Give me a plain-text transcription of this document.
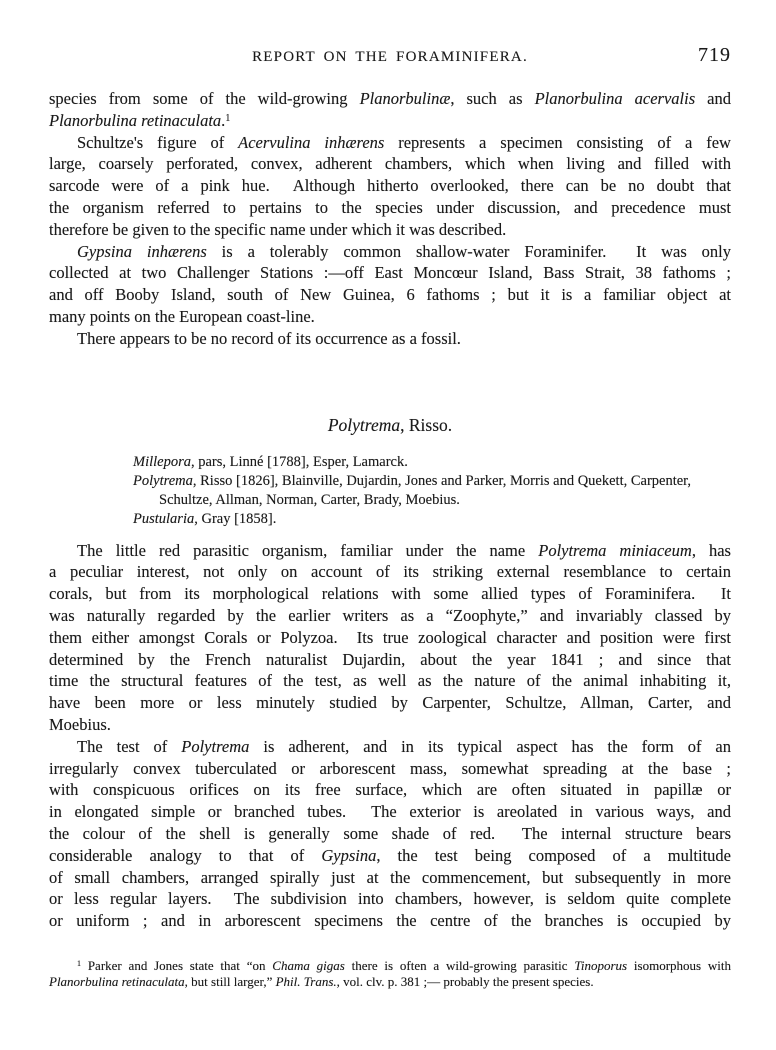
REPORT ON THE FORAMINIFERA.	719
species from some of the wild-growing Planorbulinæ, such as Planorbulina acervalis and
Planorbulina retinaculata.$^1$
Schultze's figure of Acervulina inhærens represents a specimen consisting of a few
large, coarsely perforated, convex, adherent chambers, which when living and filled with
sarcode were of a pink hue.  Although hitherto overlooked, there can be no doubt that
the organism referred to pertains to the species under discussion, and precedence must
therefore be given to the specific name under which it was described.
Gypsina inhærens is a tolerably common shallow-water Foraminifer.  It was only
collected at two Challenger Stations :—off East Moncœur Island, Bass Strait, 38 fathoms ;
and off Booby Island, south of New Guinea, 6 fathoms ; but it is a familiar object at
many points on the European coast-line.
There appears to be no record of its occurrence as a fossil.
Polytrema, Risso.
Millepora, pars, Linné [1788], Esper, Lamarck.
Polytrema, Risso [1826], Blainville, Dujardin, Jones and Parker, Morris and Quekett, Carpenter,
Schultze, Allman, Norman, Carter, Brady, Moebius.
Pustularia, Gray [1858].
The little red parasitic organism, familiar under the name Polytrema miniaceum, has
a peculiar interest, not only on account of its striking external resemblance to certain
corals, but from its morphological relations with some allied types of Foraminifera.  It
was naturally regarded by the earlier writers as a “Zoophyte,” and invariably classed by
them either amongst Corals or Polyzoa.  Its true zoological character and position were first
determined by the French naturalist Dujardin, about the year 1841 ; and since that
time the structural features of the test, as well as the nature of the animal inhabiting it,
have been more or less minutely studied by Carpenter, Schultze, Allman, Carter, and
Moebius.
The test of Polytrema is adherent, and in its typical aspect has the form of an
irregularly convex tuberculated or arborescent mass, somewhat spreading at the base ;
with conspicuous orifices on its free surface, which are often situated in papillæ or
in elongated simple or branched tubes.  The exterior is areolated in various ways, and
the colour of the shell is generally some shade of red.  The internal structure bears
considerable analogy to that of Gypsina, the test being composed of a multitude
of small chambers, arranged spirally just at the commencement, but subsequently in more
or less regular layers.  The subdivision into chambers, however, is seldom quite complete
or uniform ; and in arborescent specimens the centre of the branches is occupied by
$^1$ Parker and Jones state that “on Chama gigas there is often a wild-growing parasitic Tinoporus isomorphous with
Planorbulina retinaculata, but still larger,” Phil. Trans., vol. clv. p. 381 ;— probably the present species.
